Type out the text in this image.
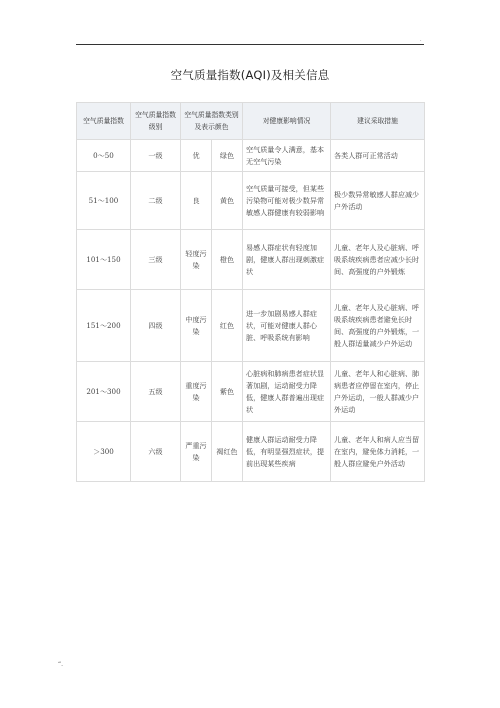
.
空气质量指数(AQI)及相关信息
空气质量指数	空气质量指数级别	空气质量指数类别及表示颜色		对健康影响情况	建议采取措施
0～50	一级	优	绿色	空气质量令人满意，基本无空气污染	各类人群可正常活动
51～100	二级	良	黄色	空气质量可接受，但某些污染物可能对极少数异常敏感人群健康有较弱影响	极少数异常敏感人群应减少户外活动
101～150	三级	轻度污染	橙色	易感人群症状有轻度加剧，健康人群出现刺激症状	儿童、老年人及心脏病、呼吸系统疾病患者应减少长时间、高强度的户外锻炼
151～200	四级	中度污染	红色	进一步加剧易感人群症状，可能对健康人群心脏、呼吸系统有影响	儿童、老年人及心脏病、呼吸系统疾病患者避免长时间、高强度的户外锻炼，一般人群适量减少户外运动
201～300	五级	重度污染	紫色	心脏病和肺病患者症状显著加剧，运动耐受力降低，健康人群普遍出现症状	儿童、老年人和心脏病、肺病患者应停留在室内，停止户外运动，一般人群减少户外运动
＞300	六级	严重污染	褐红色	健康人群运动耐受力降低，有明显强烈症状，提前出现某些疾病	儿童、老年人和病人应当留在室内，避免体力消耗，一般人群应避免户外活动
“.
